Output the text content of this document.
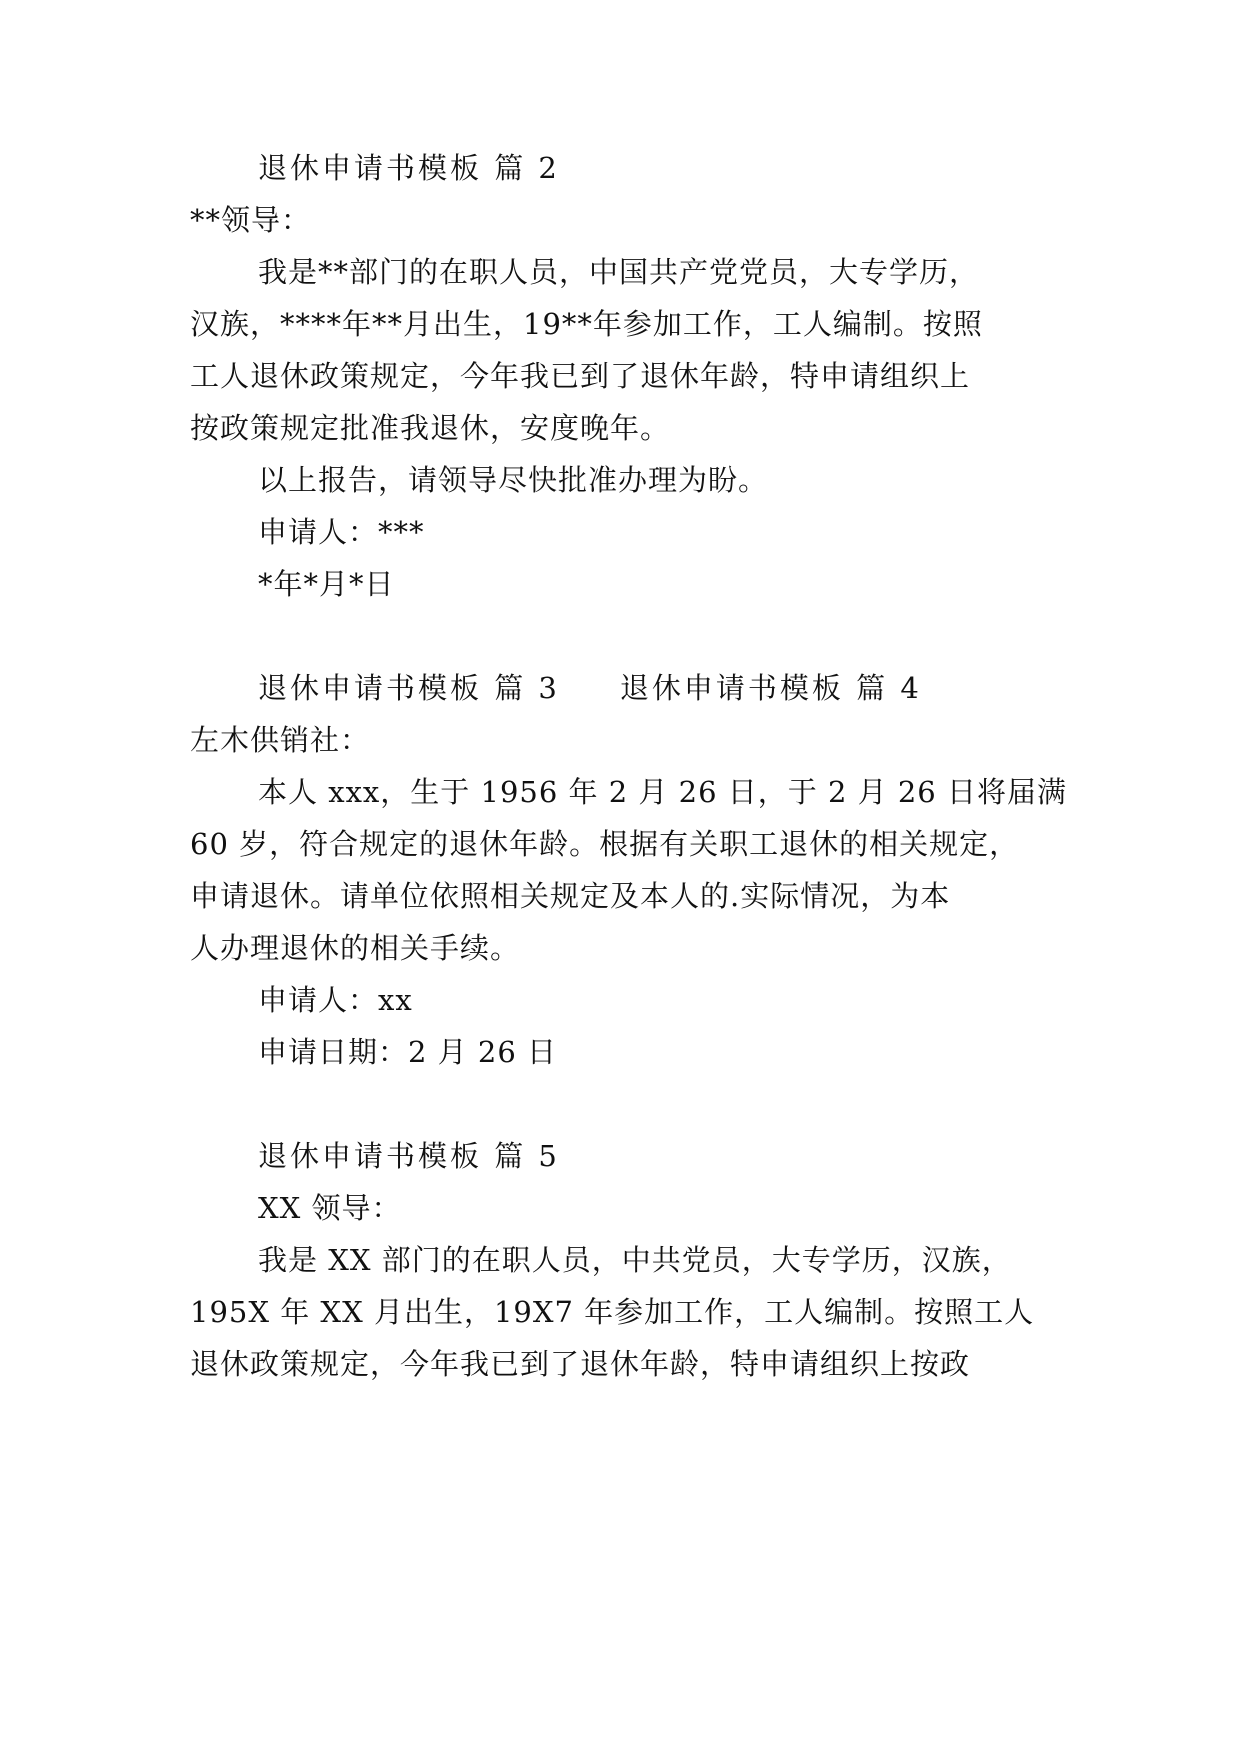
退休申请书模板 篇 2
**领导：
我是**部门的在职人员，中国共产党党员，大专学历，
汉族，****年**月出生，19**年参加工作，工人编制。按照
工人退休政策规定，今年我已到了退休年龄，特申请组织上
按政策规定批准我退休，安度晚年。
以上报告，请领导尽快批准办理为盼。
申请人：***
*年*月*日
退休申请书模板 篇 3 退休申请书模板 篇 4
左木供销社：
本人 xxx，生于 1956 年 2 月 26 日，于 2 月 26 日将届满
60 岁，符合规定的退休年龄。根据有关职工退休的相关规定，
申请退休。请单位依照相关规定及本人的.实际情况，为本
人办理退休的相关手续。
申请人：xx
申请日期：2 月 26 日
退休申请书模板 篇 5
XX 领导：
我是 XX 部门的在职人员，中共党员，大专学历，汉族，
195X 年 XX 月出生，19X7 年参加工作，工人编制。按照工人
退休政策规定，今年我已到了退休年龄，特申请组织上按政
